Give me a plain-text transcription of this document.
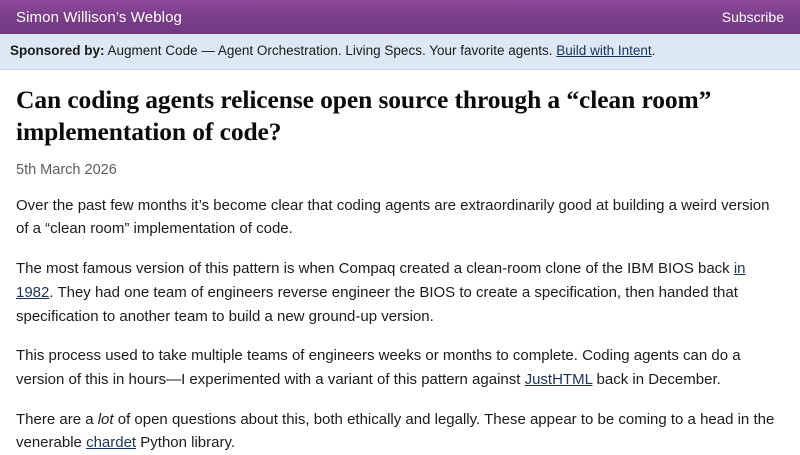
Simon Willison’s Weblog	Subscribe
Sponsored by: Augment Code — Agent Orchestration. Living Specs. Your favorite agents. Build with Intent.
Can coding agents relicense open source through a “clean room” implementation of code?
5th March 2026

Over the past few months it’s become clear that coding agents are extraordinarily good at building a weird version of a “clean room” implementation of code.

The most famous version of this pattern is when Compaq created a clean-room clone of the IBM BIOS back in 1982. They had one team of engineers reverse engineer the BIOS to create a specification, then handed that specification to another team to build a new ground-up version.

This process used to take multiple teams of engineers weeks or months to complete. Coding agents can do a version of this in hours—I experimented with a variant of this pattern against JustHTML back in December.

There are a lot of open questions about this, both ethically and legally. These appear to be coming to a head in the venerable chardet Python library.
